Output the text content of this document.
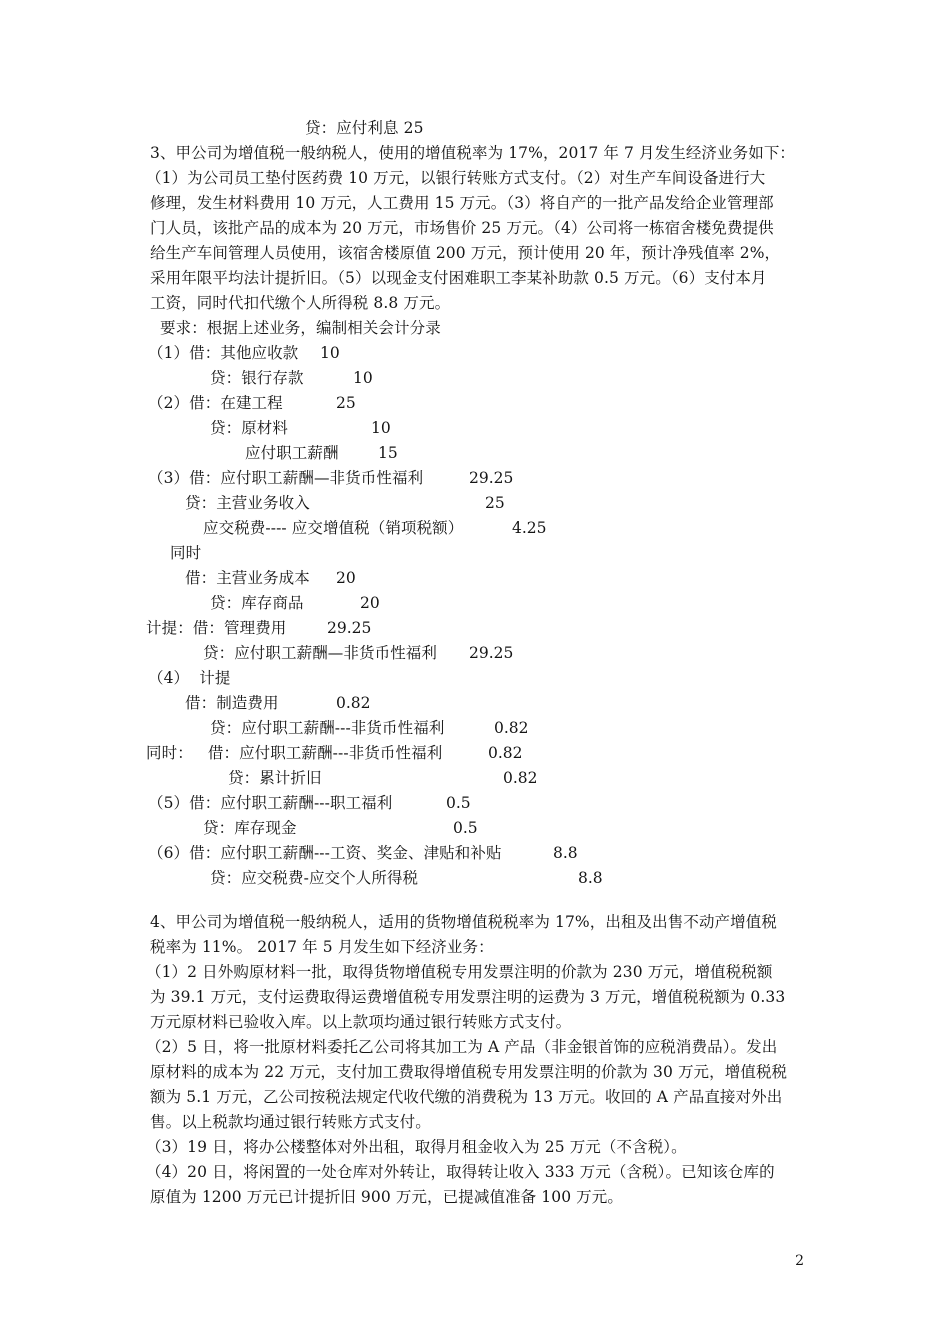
贷：应付利息 25
3、甲公司为增值税一般纳税人，使用的增值税率为 17%，2017 年 7 月发生经济业务如下：
（1）为公司员工垫付医药费 10 万元，以银行转账方式支付。（2）对生产车间设备进行大
修理，发生材料费用 10 万元，人工费用 15 万元。（3）将自产的一批产品发给企业管理部
门人员，该批产品的成本为 20 万元，市场售价 25 万元。（4）公司将一栋宿舍楼免费提供
给生产车间管理人员使用，该宿舍楼原值 200 万元，预计使用 20 年，预计净残值率 2%，
采用年限平均法计提折旧。（5）以现金支付困难职工李某补助款 0.5 万元。（6）支付本月
工资，同时代扣代缴个人所得税 8.8 万元。
要求：根据上述业务，编制相关会计分录
（1）借：其他应收款 10
贷：银行存款	10
（2）借：在建工程	25
贷：原材料	10
应付职工薪酬	15
（3）借：应付职工薪酬—非货币性福利	29.25
贷：主营业务收入	25
应交税费---- 应交增值税（销项税额）	4.25
同时
借：主营业务成本 20
贷：库存商品	20
计提：借：管理费用	29.25
贷：应付职工薪酬—非货币性福利 29.25
（4）  计提
借：制造费用	0.82
贷：应付职工薪酬---非货币性福利	0.82
同时：   借：应付职工薪酬---非货币性福利	0.82
贷：累计折旧	0.82
（5）借：应付职工薪酬---职工福利	0.5
贷：库存现金	0.5
（6）借：应付职工薪酬---工资、奖金、津贴和补贴	8.8
贷：应交税费-应交个人所得税	8.8
4、甲公司为增值税一般纳税人，适用的货物增值税税率为 17%，出租及出售不动产增值税
税率为 11%。 2017 年 5 月发生如下经济业务：
（1）2 日外购原材料一批，取得货物增值税专用发票注明的价款为 230 万元，增值税税额
为 39.1 万元，支付运费取得运费增值税专用发票注明的运费为 3 万元，增值税税额为 0.33
万元原材料已验收入库。以上款项均通过银行转账方式支付。
（2）5 日，将一批原材料委托乙公司将其加工为 A 产品（非金银首饰的应税消费品）。发出
原材料的成本为 22 万元，支付加工费取得增值税专用发票注明的价款为 30 万元，增值税税
额为 5.1 万元，乙公司按税法规定代收代缴的消费税为 13 万元。收回的 A 产品直接对外出
售。以上税款均通过银行转账方式支付。
（3）19 日，将办公楼整体对外出租，取得月租金收入为 25 万元（不含税）。
（4）20 日，将闲置的一处仓库对外转让，取得转让收入 333 万元（含税）。已知该仓库的
原值为 1200 万元已计提折旧 900 万元，已提减值准备 100 万元。
2
